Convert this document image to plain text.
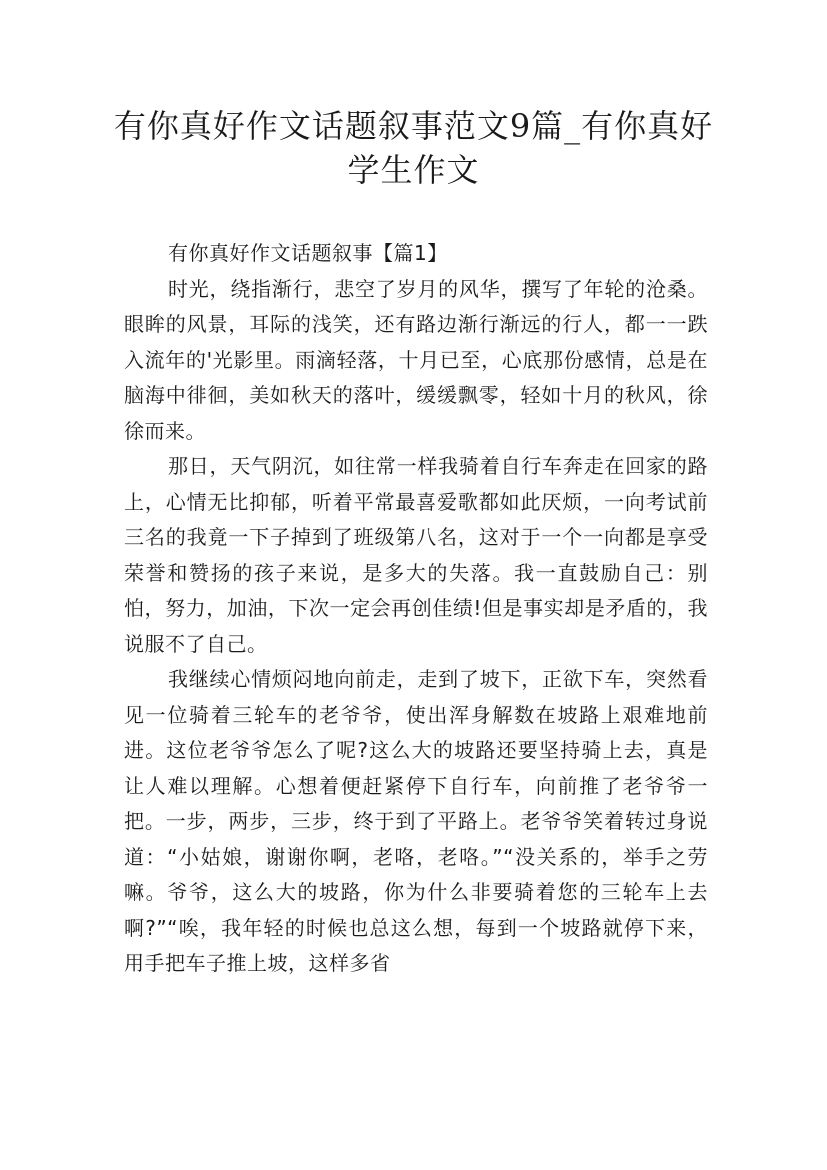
有你真好作文话题叙事范文9篇_有你真好学生作文

有你真好作文话题叙事【篇1】

时光，绕指渐行，悲空了岁月的风华，撰写了年轮的沧桑。眼眸的风景，耳际的浅笑，还有路边渐行渐远的行人，都一一跌入流年的'光影里。雨滴轻落，十月已至，心底那份感情，总是在脑海中徘徊，美如秋天的落叶，缓缓飘零，轻如十月的秋风，徐徐而来。

那日，天气阴沉，如往常一样我骑着自行车奔走在回家的路上，心情无比抑郁，听着平常最喜爱歌都如此厌烦，一向考试前三名的我竟一下子掉到了班级第八名，这对于一个一向都是享受荣誉和赞扬的孩子来说，是多大的失落。我一直鼓励自己：别怕，努力，加油，下次一定会再创佳绩!但是事实却是矛盾的，我说服不了自己。

我继续心情烦闷地向前走，走到了坡下，正欲下车，突然看见一位骑着三轮车的老爷爷，使出浑身解数在坡路上艰难地前进。这位老爷爷怎么了呢?这么大的坡路还要坚持骑上去，真是让人难以理解。心想着便赶紧停下自行车，向前推了老爷爷一把。一步，两步，三步，终于到了平路上。老爷爷笑着转过身说道：“小姑娘，谢谢你啊，老咯，老咯。”“没关系的，举手之劳嘛。爷爷，这么大的坡路，你为什么非要骑着您的三轮车上去啊?”“唉，我年轻的时候也总这么想，每到一个坡路就停下来，用手把车子推上坡，这样多省
